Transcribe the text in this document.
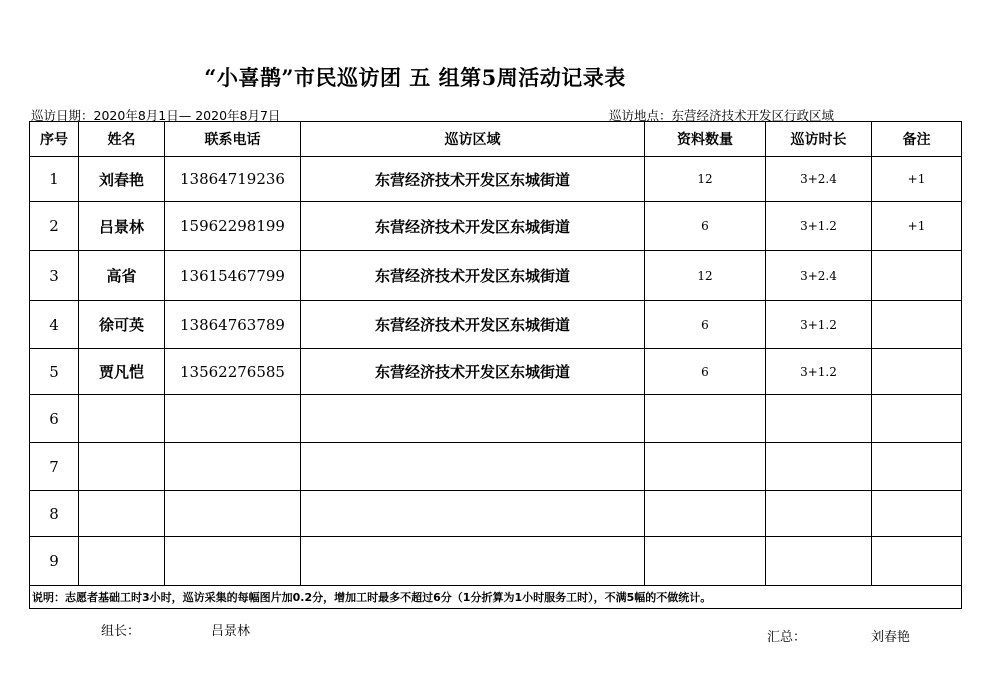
“小喜鹊”市民巡访团 五 组第5周活动记录表
巡访日期：2020年8月1日— 2020年8月7日	巡访地点：东营经济技术开发区行政区域
序号	姓名	联系电话	巡访区域	资料数量	巡访时长	备注
1	刘春艳	13864719236	东营经济技术开发区东城街道	12	3+2.4	+1
2	吕景林	15962298199	东营经济技术开发区东城街道	6	3+1.2	+1
3	高省	13615467799	东营经济技术开发区东城街道	12	3+2.4	
4	徐可英	13864763789	东营经济技术开发区东城街道	6	3+1.2	
5	贾凡恺	13562276585	东营经济技术开发区东城街道	6	3+1.2	
6						
7						
8						
9						
说明：志愿者基础工时3小时，巡访采集的每幅图片加0.2分，增加工时最多不超过6分（1分折算为1小时服务工时），不满5幅的不做统计。						
组长：	吕景林	汇总：	刘春艳
